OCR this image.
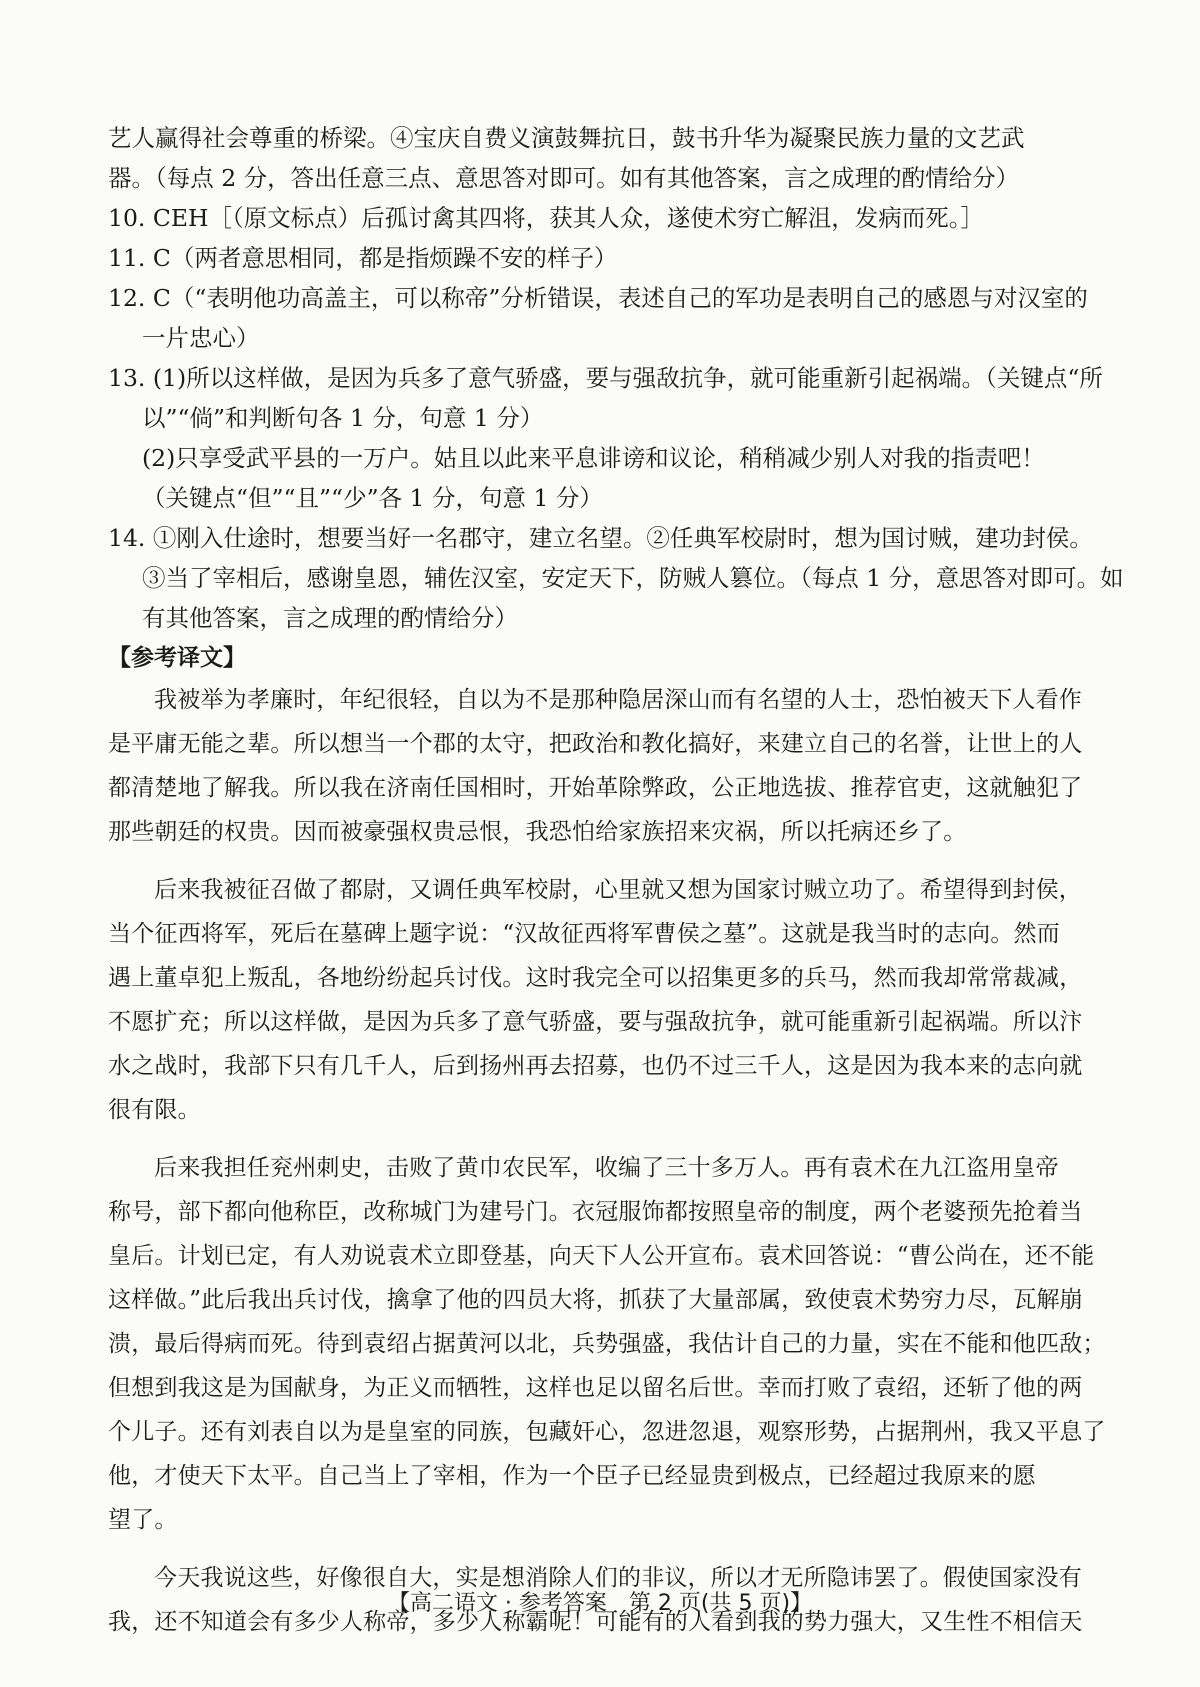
艺人赢得社会尊重的桥梁。④宝庆自费义演鼓舞抗日，鼓书升华为凝聚民族力量的文艺武
器。（每点 2 分，答出任意三点、意思答对即可。如有其他答案，言之成理的酌情给分）
10. CEH［（原文标点）后孤讨禽其四将，获其人众，遂使术穷亡解沮，发病而死。］
11. C（两者意思相同，都是指烦躁不安的样子）
12. C（“表明他功高盖主，可以称帝”分析错误，表述自己的军功是表明自己的感恩与对汉室的
一片忠心）
13. (1)所以这样做，是因为兵多了意气骄盛，要与强敌抗争，就可能重新引起祸端。（关键点“所
以”“倘”和判断句各 1 分，句意 1 分）
(2)只享受武平县的一万户。姑且以此来平息诽谤和议论，稍稍减少别人对我的指责吧！
（关键点“但”“且”“少”各 1 分，句意 1 分）
14. ①刚入仕途时，想要当好一名郡守，建立名望。②任典军校尉时，想为国讨贼，建功封侯。
③当了宰相后，感谢皇恩，辅佐汉室，安定天下，防贼人篡位。（每点 1 分，意思答对即可。如
有其他答案，言之成理的酌情给分）
【参考译文】
我被举为孝廉时，年纪很轻，自以为不是那种隐居深山而有名望的人士，恐怕被天下人看作
是平庸无能之辈。所以想当一个郡的太守，把政治和教化搞好，来建立自己的名誉，让世上的人
都清楚地了解我。所以我在济南任国相时，开始革除弊政，公正地选拔、推荐官吏，这就触犯了
那些朝廷的权贵。因而被豪强权贵忌恨，我恐怕给家族招来灾祸，所以托病还乡了。
后来我被征召做了都尉，又调任典军校尉，心里就又想为国家讨贼立功了。希望得到封侯，
当个征西将军，死后在墓碑上题字说：“汉故征西将军曹侯之墓”。这就是我当时的志向。然而
遇上董卓犯上叛乱，各地纷纷起兵讨伐。这时我完全可以招集更多的兵马，然而我却常常裁减，
不愿扩充；所以这样做，是因为兵多了意气骄盛，要与强敌抗争，就可能重新引起祸端。所以汴
水之战时，我部下只有几千人，后到扬州再去招募，也仍不过三千人，这是因为我本来的志向就
很有限。
后来我担任兖州刺史，击败了黄巾农民军，收编了三十多万人。再有袁术在九江盗用皇帝
称号，部下都向他称臣，改称城门为建号门。衣冠服饰都按照皇帝的制度，两个老婆预先抢着当
皇后。计划已定，有人劝说袁术立即登基，向天下人公开宣布。袁术回答说：“曹公尚在，还不能
这样做。”此后我出兵讨伐，擒拿了他的四员大将，抓获了大量部属，致使袁术势穷力尽，瓦解崩
溃，最后得病而死。待到袁绍占据黄河以北，兵势强盛，我估计自己的力量，实在不能和他匹敌；
但想到我这是为国献身，为正义而牺牲，这样也足以留名后世。幸而打败了袁绍，还斩了他的两
个儿子。还有刘表自以为是皇室的同族，包藏奸心，忽进忽退，观察形势，占据荆州，我又平息了
他，才使天下太平。自己当上了宰相，作为一个臣子已经显贵到极点，已经超过我原来的愿
望了。
今天我说这些，好像很自大，实是想消除人们的非议，所以才无所隐讳罢了。假使国家没有
我，还不知道会有多少人称帝，多少人称霸呢！可能有的人看到我的势力强大，又生性不相信天
【高二语文 · 参考答案　第 2 页(共 5 页)】
